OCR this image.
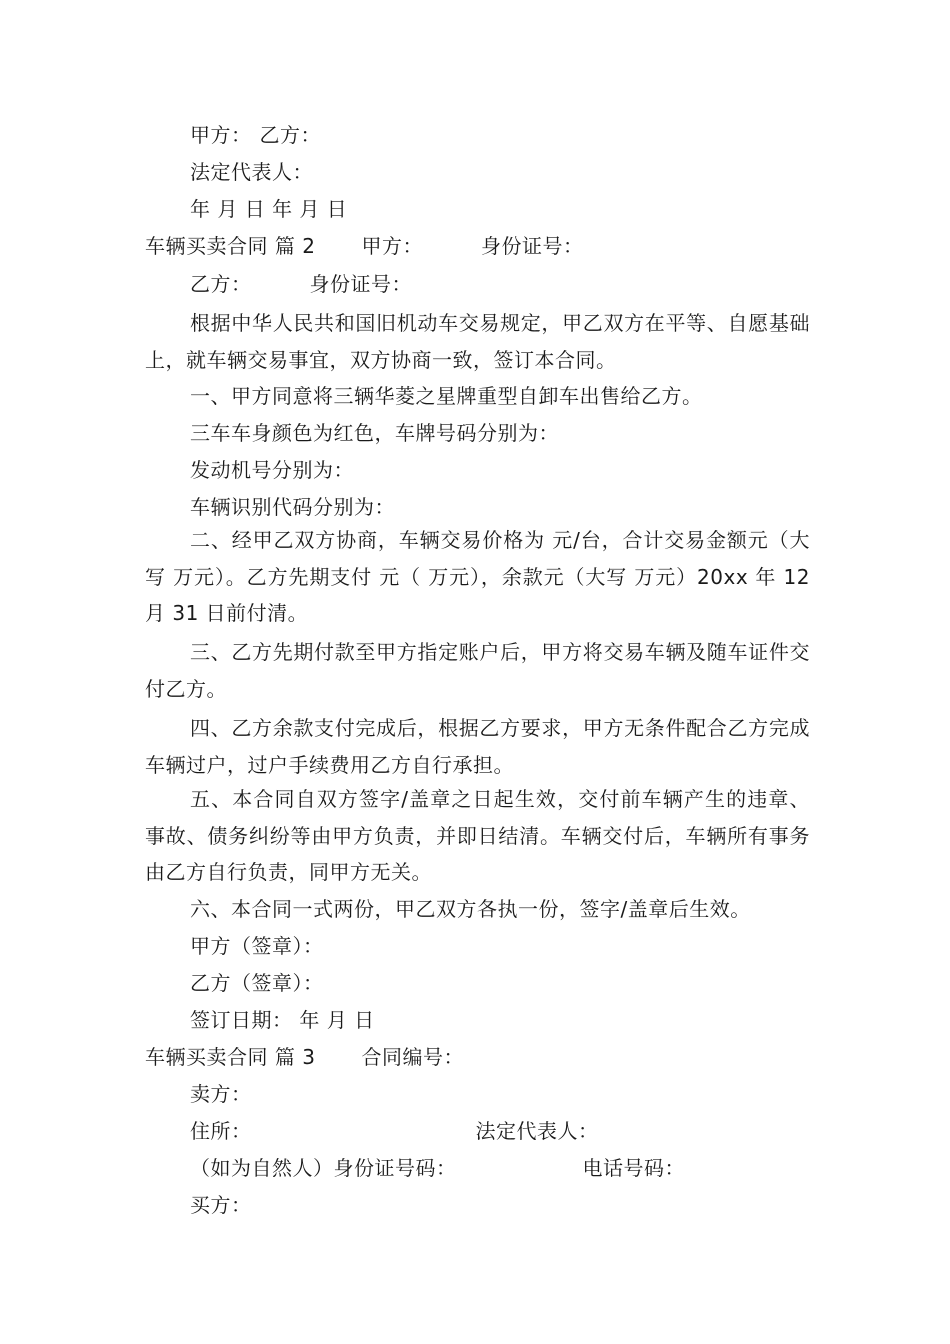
甲方： 乙方：
法定代表人：
年 月 日 年 月 日
车辆买卖合同 篇 2 甲方：	身份证号：
乙方：	身份证号：
根据中华人民共和国旧机动车交易规定，甲乙双方在平等、自愿基础上，就车辆交易事宜，双方协商一致，签订本合同。
一、甲方同意将三辆华菱之星牌重型自卸车出售给乙方。
三车车身颜色为红色，车牌号码分别为：
发动机号分别为：
车辆识别代码分别为：
二、经甲乙双方协商，车辆交易价格为 元/台，合计交易金额元（大写 万元）。乙方先期支付 元（ 万元），余款元（大写 万元）20xx 年 12 月 31 日前付清。
三、乙方先期付款至甲方指定账户后，甲方将交易车辆及随车证件交付乙方。
四、乙方余款支付完成后，根据乙方要求，甲方无条件配合乙方完成车辆过户，过户手续费用乙方自行承担。
五、本合同自双方签字/盖章之日起生效，交付前车辆产生的违章、事故、债务纠纷等由甲方负责，并即日结清。车辆交付后，车辆所有事务由乙方自行负责，同甲方无关。
六、本合同一式两份，甲乙双方各执一份，签字/盖章后生效。
甲方（签章）：
乙方（签章）：
签订日期： 年 月 日
车辆买卖合同 篇 3 合同编号：
卖方：
住所：	法定代表人：
（如为自然人）身份证号码：	电话号码：
买方：
